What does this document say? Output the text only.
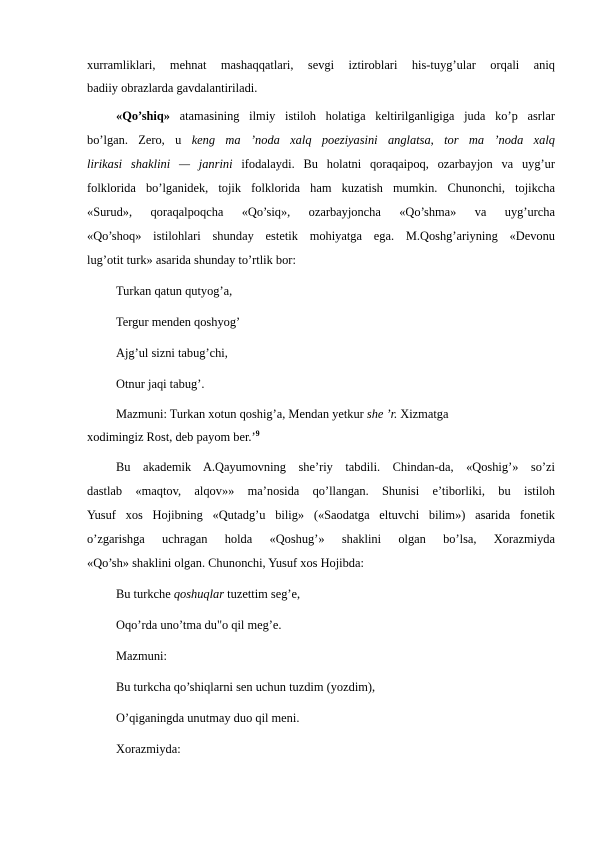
xurramliklari, mehnat mashaqqatlari, sevgi iztiroblari his-tuyg’ular orqali aniq
badiiy obrazlarda gavdalantiriladi.
«Qo’shiq» atamasining ilmiy istiloh holatiga keltirilganligiga juda ko’p asrlar
bo’lgan. Zero, u keng ma ’noda xalq poeziyasini anglatsa, tor ma ’noda xalq
lirikasi shaklini — janrini ifodalaydi. Bu holatni qoraqaipoq, ozarbayjon va uyg’ur
folklorida bo’lganidek, tojik folklorida ham kuzatish mumkin. Chunonchi, tojikcha
«Surud», qoraqalpoqcha «Qo’siq», ozarbayjoncha «Qo’shma» va uyg’urcha
«Qo’shoq» istilohlari shunday estetik mohiyatga ega. M.Qoshg’ariyning «Devonu
lug’otit turk» asarida shunday to’rtlik bor:
Turkan qatun qutyog’a,
Tergur menden qoshyog’
Ajg’ul sizni tabug’chi,
Otnur jaqi tabug’.
Mazmuni: Turkan xotun qoshig’a, Mendan yetkur she ’r. Xizmatga
xodimingiz Rost, deb payom ber.’$^9$
Bu akademik A.Qayumovning she’riy tabdili. Chindan-da, «Qoshig’» so’zi
dastlab «maqtov, alqov»» ma’nosida qo’llangan. Shunisi e’tiborliki, bu istiloh
Yusuf xos Hojibning «Qutadg’u bilig» («Saodatga eltuvchi bilim») asarida fonetik
o’zgarishga uchragan holda «Qoshug’» shaklini olgan bo’lsa, Xorazmiyda
«Qo’sh» shaklini olgan. Chunonchi, Yusuf xos Hojibda:
Bu turkche qoshuqlar tuzettim seg’e,
Oqo’rda uno’tma du"o qil meg’e.
Mazmuni:
Bu turkcha qo’shiqlarni sen uchun tuzdim (yozdim),
O’qiganingda unutmay duo qil meni.
Xorazmiyda:
